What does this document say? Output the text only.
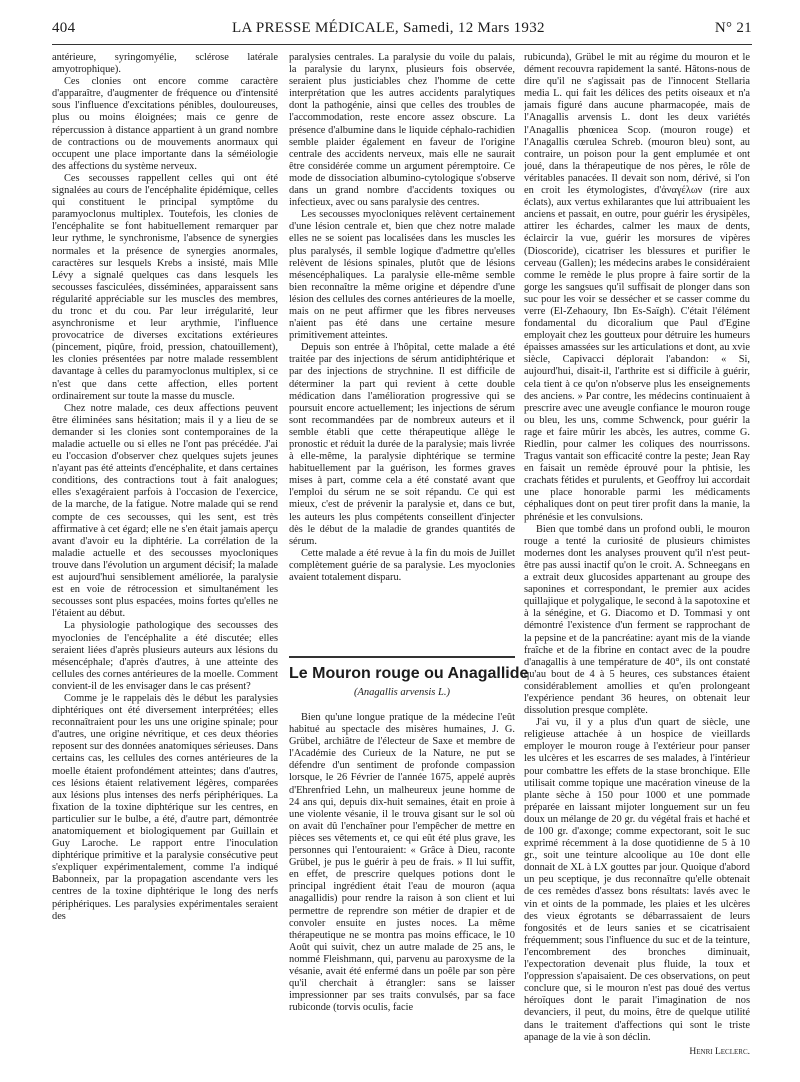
404	LA PRESSE MÉDICALE, Samedi, 12 Mars 1932	N° 21

antérieure, syringomyélie, sclérose latérale amyotrophique).

Ces clonies ont encore comme caractère d'apparaître, d'augmenter de fréquence ou d'intensité sous l'influence d'excitations pénibles, douloureuses, plus ou moins éloignées; mais ce genre de répercussion à distance appartient à un grand nombre de contractions ou de mouvements anormaux qui occupent une place importante dans la séméiologie des affections du système nerveux.

Ces secousses rappellent celles qui ont été signalées au cours de l'encéphalite épidémique, celles qui constituent le principal symptôme du paramyoclonus multiplex. Toutefois, les clonies de l'encéphalite se font habituellement remarquer par leur rythme, le synchronisme, l'absence de synergies normales et la présence de synergies anormales, caractères sur lesquels Krebs a insisté, mais Mlle Lévy a signalé quelques cas dans lesquels les secousses fasciculées, disséminées, apparaissent sans régularité appréciable sur les muscles des membres, du tronc et du cou. Par leur irrégularité, leur asynchronisme et leur arythmie, l'influence provocatrice de diverses excitations extérieures (pincement, piqûre, froid, pression, chatouillement), les clonies présentées par notre malade ressemblent davantage à celles du paramyoclonus multiplex, si ce n'est que dans cette affection, elles portent ordinairement sur toute la masse du muscle.

Chez notre malade, ces deux affections peuvent être éliminées sans hésitation; mais il y a lieu de se demander si les clonies sont contemporaines de la maladie actuelle ou si elles ne l'ont pas précédée. J'ai eu l'occasion d'observer chez quelques sujets jeunes n'ayant pas été atteints d'encéphalite, et dans certaines conditions, des contractions tout à fait analogues; elles s'exagéraient parfois à l'occasion de l'exercice, de la marche, de la fatigue. Notre malade qui se rend compte de ces secousses, qui les sent, est très affirmative à cet égard; elle ne s'en était jamais aperçu avant d'avoir eu la diphtérie. La corrélation de la maladie actuelle et des secousses myocloniques trouve dans l'évolution un argument décisif; la malade est aujourd'hui sensiblement améliorée, la paralysie est en voie de rétrocession et simultanément les secousses sont plus espacées, moins fortes qu'elles ne l'étaient au début.

La physiologie pathologique des secousses des myoclonies de l'encéphalite a été discutée; elles seraient liées d'après plusieurs auteurs aux lésions du mésencéphale; d'après d'autres, à une atteinte des cellules des cornes antérieures de la moelle. Comment convient-il de les envisager dans le cas présent?

Comme je le rappelais dès le début les paralysies diphtériques ont été diversement interprétées; elles reconnaîtraient pour les uns une origine spinale; pour d'autres, une origine névritique, et ces deux théories reposent sur des données anatomiques sérieuses. Dans certains cas, les cellules des cornes antérieures de la moelle étaient profondément atteintes; dans d'autres, ces lésions étaient relativement légères, comparées aux lésions plus intenses des nerfs périphériques. La fixation de la toxine diphtérique sur les centres, en particulier sur le bulbe, a été, d'autre part, démontrée anatomiquement et biologiquement par Guillain et Guy Laroche. Le rapport entre l'inoculation diphtérique primitive et la paralysie consécutive peut s'expliquer expérimentalement, comme l'a indiqué Babonneix, par la propagation ascendante vers les centres de la toxine diphtérique le long des nerfs périphériques. Les paralysies expérimentales seraient des

paralysies centrales. La paralysie du voile du palais, la paralysie du larynx, plusieurs fois observée, seraient plus justiciables chez l'homme de cette interprétation que les autres accidents paralytiques dont la pathogénie, ainsi que celles des troubles de l'accommodation, reste encore assez obscure. La présence d'albumine dans le liquide céphalo-rachidien semble plaider également en faveur de l'origine centrale des accidents nerveux, mais elle ne saurait être considérée comme un argument péremptoire. Ce mode de dissociation albumino-cytologique s'observe dans un grand nombre d'accidents toxiques ou infectieux, avec ou sans paralysie des centres.

Les secousses myocloniques relèvent certainement d'une lésion centrale et, bien que chez notre malade elles ne se soient pas localisées dans les muscles les plus paralysés, il semble logique d'admettre qu'elles relèvent de lésions spinales, plutôt que de lésions mésencéphaliques. La paralysie elle-même semble bien reconnaître la même origine et dépendre d'une lésion des cellules des cornes antérieures de la moelle, mais on ne peut affirmer que les fibres nerveuses n'aient pas été dans une certaine mesure primitivement atteintes.

Depuis son entrée à l'hôpital, cette malade a été traitée par des injections de sérum antidiphtérique et par des injections de strychnine. Il est difficile de déterminer la part qui revient à cette double médication dans l'amélioration progressive qui se poursuit encore actuellement; les injections de sérum sont recommandées par de nombreux auteurs et il semble établi que cette thérapeutique allège le pronostic et réduit la durée de la paralysie; mais livrée à elle-même, la paralysie diphtérique se termine habituellement par la guérison, les formes graves mises à part, comme cela a été constaté avant que l'emploi du sérum ne se soit répandu. Ce qui est mieux, c'est de prévenir la paralysie et, dans ce but, les auteurs les plus compétents conseillent d'injecter dès le début de la maladie de grandes quantités de sérum.

Cette malade a été revue à la fin du mois de Juillet complètement guérie de sa paralysie. Les myoclonies avaient totalement disparu.

Le Mouron rouge ou Anagallide
(Anagallis arvensis L.)

Bien qu'une longue pratique de la médecine l'eût habitué au spectacle des misères humaines, J. G. Grübel, archiâtre de l'électeur de Saxe et membre de l'Académie des Curieux de la Nature, ne put se défendre d'un sentiment de profonde compassion lorsque, le 26 Février de l'année 1675, appelé auprès d'Ehrenfried Lehn, un malheureux jeune homme de 24 ans qui, depuis dix-huit semaines, était en proie à une violente vésanie, il le trouva gisant sur le sol où on avait dû l'enchaîner pour l'empêcher de mettre en pièces ses vêtements et, ce qui eût été plus grave, les personnes qui l'entouraient: « Grâce à Dieu, raconte Grübel, je pus le guérir à peu de frais. » Il lui suffit, en effet, de prescrire quelques potions dont le principal ingrédient était l'eau de mouron (aqua anagallidis) pour rendre la raison à son client et lui permettre de reprendre son métier de drapier et de convoler ensuite en justes noces. La même thérapeutique ne se montra pas moins efficace, le 10 Août qui suivit, chez un autre malade de 25 ans, le nommé Fleishmann, qui, parvenu au paroxysme de la vésanie, avait été enfermé dans un poêle par son père qu'il cherchait à étrangler: sans se laisser impressionner par ses traits convulsés, par sa face rubiconde (torvis oculis, facie

rubicunda), Grübel le mit au régime du mouron et le dément recouvra rapidement la santé. Hâtons-nous de dire qu'il ne s'agissait pas de l'innocent Stellaria media L. qui fait les délices des petits oiseaux et n'a jamais figuré dans aucune pharmacopée, mais de l'Anagallis arvensis L. dont les deux variétés l'Anagallis phœnicea Scop. (mouron rouge) et l'Anagallis cœrulea Schreb. (mouron bleu) sont, au contraire, un poison pour la gent emplumée et ont joué, dans la thérapeutique de nos pères, le rôle de véritables panacées. Il devait son nom, dérivé, si l'on en croit les étymologistes, d'ἀναγέλων (rire aux éclats), aux vertus exhilarantes que lui attribuaient les anciens et passait, en outre, pour guérir les érysipèles, attirer les échardes, calmer les maux de dents, éclaircir la vue, guérir les morsures de vipères (Dioscoride), cicatriser les blessures et purifier le cerveau (Gallen); les médecins arabes le considéraient comme le remède le plus propre à faire sortir de la gorge les sangsues qu'il suffisait de plonger dans son suc pour les voir se dessécher et se casser comme du verre (El-Zehaoury, Ibn Es-Saïgh). C'était l'élément fondamental du dicoralium que Paul d'Egine employait chez les goutteux pour détruire les humeurs épaisses amassées sur les articulations et dont, au xvie siècle, Capivacci déplorait l'abandon: « Si, aujourd'hui, disait-il, l'arthrite est si difficile à guérir, cela tient à ce qu'on n'observe plus les enseignements des anciens. » Par contre, les médecins continuaient à prescrire avec une aveugle confiance le mouron rouge ou bleu, les uns, comme Schwenck, pour guérir la rage et faire mûrir les abcès, les autres, comme G. Riedlin, pour calmer les coliques des nourrissons. Tragus vantait son efficacité contre la peste; Jean Ray en faisait un remède éprouvé pour la phtisie, les crachats fétides et purulents, et Geoffroy lui accordait une place honorable parmi les médicaments céphaliques dont on peut tirer profit dans la manie, la phrénésie et les convulsions.

Bien que tombé dans un profond oubli, le mouron rouge a tenté la curiosité de plusieurs chimistes modernes dont les analyses prouvent qu'il n'est peut-être pas aussi inactif qu'on le croit. A. Schneegans en a extrait deux glucosides appartenant au groupe des saponines et correspondant, le premier aux acides quillajique et polygalique, le second à la sapotoxine et à la sénégine, et G. Diacomo et D. Tommasi y ont démontré l'existence d'un ferment se rapprochant de la pepsine et de la pancréatine: ayant mis de la viande fraîche et de la fibrine en contact avec de la poudre d'anagallis à une température de 40°, ils ont constaté qu'au bout de 4 à 5 heures, ces substances étaient considérablement amollies et qu'en prolongeant l'expérience pendant 36 heures, on obtenait leur dissolution presque complète.

J'ai vu, il y a plus d'un quart de siècle, une religieuse attachée à un hospice de vieillards employer le mouron rouge à l'extérieur pour panser les ulcères et les escarres de ses malades, à l'intérieur pour combattre les effets de la stase bronchique. Elle utilisait comme topique une macération vineuse de la plante sèche à 150 pour 1000 et une pommade préparée en laissant mijoter longuement sur un feu doux un mélange de 20 gr. du végétal frais et haché et de 100 gr. d'axonge; comme expectorant, soit le suc exprimé récemment à la dose quotidienne de 5 à 10 gr., soit une teinture alcoolique au 10e dont elle donnait de XL à LX gouttes par jour. Quoique d'abord un peu sceptique, je dus reconnaître qu'elle obtenait de ces remèdes d'assez bons résultats: lavés avec le vin et oints de la pommade, les plaies et les ulcères des vieux égrotants se débarrassaient de leurs fongosités et de leurs sanies et se cicatrisaient fréquemment; sous l'influence du suc et de la teinture, l'encombrement des bronches diminuait, l'expectoration devenait plus fluide, la toux et l'oppression s'apaisaient. De ces observations, on peut conclure que, si le mouron n'est pas doué des vertus héroïques dont le parait l'imagination de nos devanciers, il peut, du moins, être de quelque utilité dans le traitement d'affections qui sont le triste apanage de la vie à son déclin.

Henri Leclerc.
